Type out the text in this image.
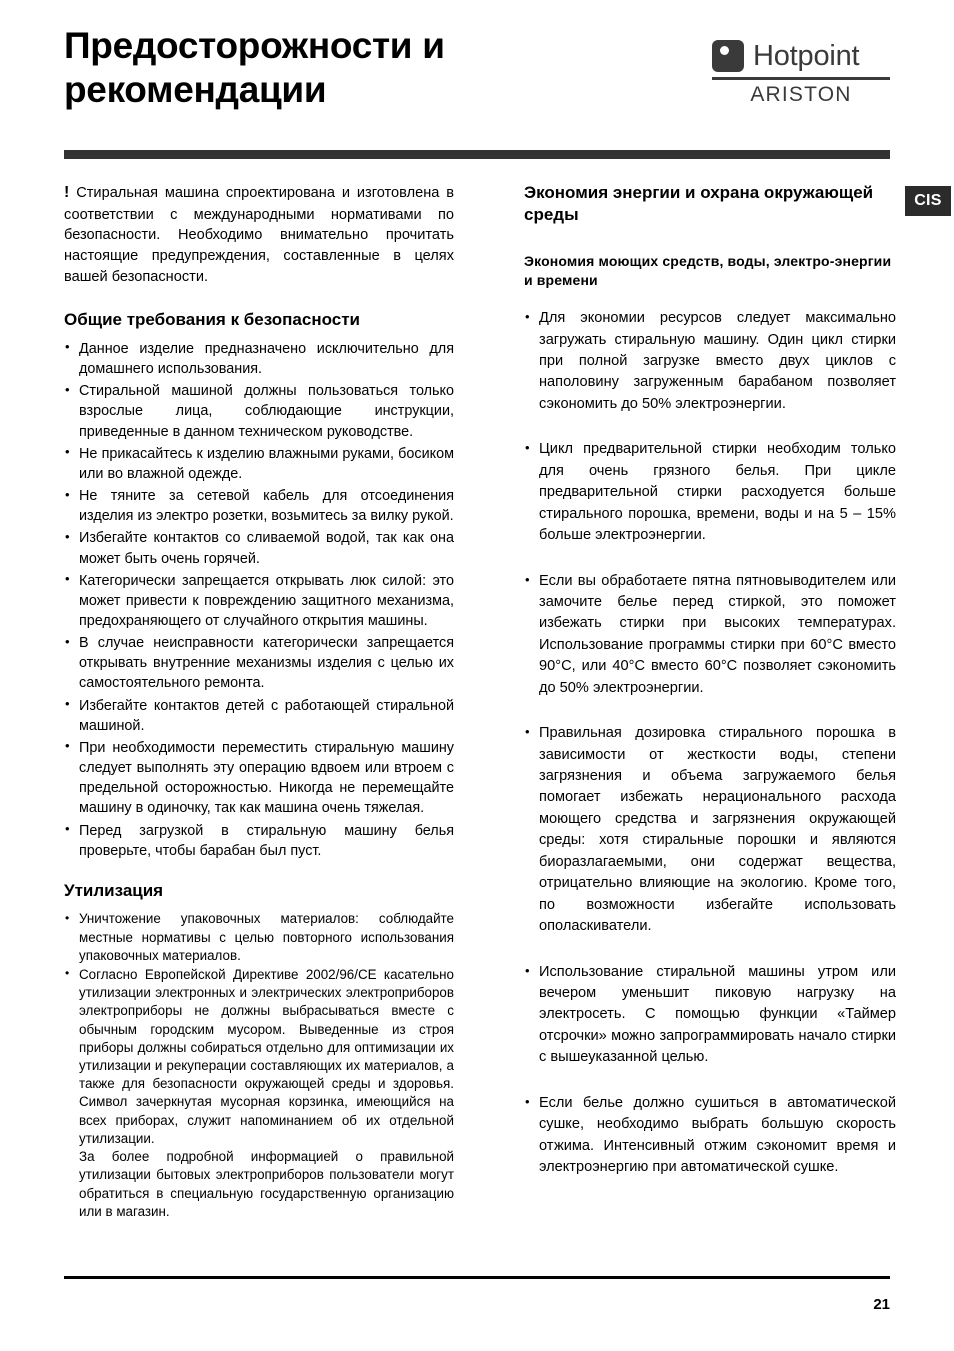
Предосторожности и рекомендации
Hotpoint
ARISTON
CIS

! Стиральная машина спроектирована и изготовлена в соответствии с международными нормативами по безопасности. Необходимо внимательно прочитать настоящие предупреждения, составленные в целях вашей безопасности.

Общие требования к безопасности
• Данное изделие предназначено исключительно для домашнего использования.
• Стиральной машиной должны пользоваться только взрослые лица, соблюдающие инструкции, приведенные в данном техническом руководстве.
• Не прикасайтесь к изделию влажными руками, босиком или во влажной одежде.
• Не тяните за сетевой кабель для отсоединения изделия из электро розетки, возьмитесь за вилку рукой.
• Избегайте контактов со сливаемой водой, так как она может быть очень горячей.
• Категорически запрещается открывать люк силой: это может привести к повреждению защитного механизма, предохраняющего от случайного открытия машины.
• В случае неисправности категорически запрещается открывать внутренние механизмы изделия с целью их самостоятельного ремонта.
• Избегайте контактов детей с работающей стиральной машиной.
• При необходимости переместить стиральную машину следует выполнять эту операцию вдвоем или втроем с предельной осторожностью. Никогда не перемещайте машину в одиночку, так как машина очень тяжелая.
• Перед загрузкой в стиральную машину белья проверьте, чтобы барабан был пуст.
Утилизация
• Уничтожение упаковочных материалов: соблюдайте местные нормативы с целью повторного использования упаковочных материалов.
• Согласно Европейской Директиве 2002/96/CE касательно утилизации электронных и электрических электроприборов электроприборы не должны выбрасываться вместе с обычным городским мусором. Выведенные из строя приборы должны собираться отдельно для оптимизации их утилизации и рекуперации составляющих их материалов, а также для безопасности окружающей среды и здоровья. Символ зачеркнутая мусорная корзинка, имеющийся на всех приборах, служит напоминанием об их отдельной утилизации.
За более подробной информацией о правильной утилизации бытовых электроприборов пользователи могут обратиться в специальную государственную организацию или в магазин.
Экономия энергии и охрана окружающей среды
Экономия моющих средств, воды, электро-энергии и времени
• Для экономии ресурсов следует максимально загружать стиральную машину. Один цикл стирки при полной загрузке вместо двух циклов с наполовину загруженным барабаном позволяет сэкономить до 50% электроэнергии.
• Цикл предварительной стирки необходим только для очень грязного белья. При цикле предварительной стирки расходуется больше стирального порошка, времени, воды и на 5 – 15% больше электроэнергии.
• Если вы обработаете пятна пятновыводителем или замочите белье перед стиркой, это поможет избежать стирки при высоких температурах. Использование программы стирки при 60°C вместо 90°C, или 40°C вместо 60°C позволяет сэкономить до 50% электроэнергии.
• Правильная дозировка стирального порошка в зависимости от жесткости воды, степени загрязнения и объема загружаемого белья помогает избежать нерационального расхода моющего средства и загрязнения окружающей среды: хотя стиральные порошки и являются биоразлагаемыми, они содержат вещества, отрицательно влияющие на экологию. Кроме того, по возможности избегайте использовать ополаскиватели.
• Использование стиральной машины утром или вечером уменьшит пиковую нагрузку на электросеть. С помощью функции «Таймер отсрочки» можно запрограммировать начало стирки с вышеуказанной целью.
• Если белье должно сушиться в автоматической сушке, необходимо выбрать большую скорость отжима. Интенсивный отжим сэкономит время и электроэнергию при автоматической сушке.
21
